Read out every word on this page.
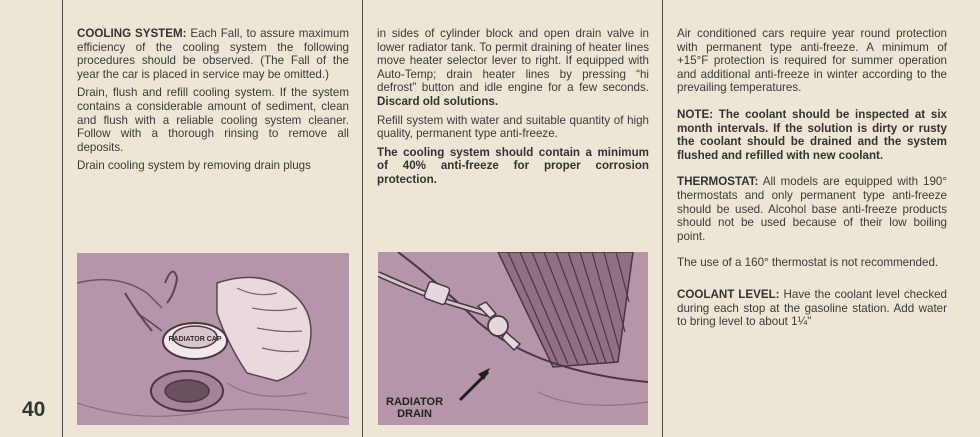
40

COOLING SYSTEM: Each Fall, to assure maximum efficiency of the cooling system the following procedures should be observed. (The Fall of the year the car is placed in service may be omitted.)

Drain, flush and refill cooling system. If the system contains a considerable amount of sediment, clean and flush with a reliable cooling system cleaner. Follow with a thorough rinsing to remove all deposits.

Drain cooling system by removing drain plugs

RADIATOR CAP

in sides of cylinder block and open drain valve in lower radiator tank. To permit draining of heater lines move heater selector lever to right. If equipped with Auto-Temp; drain heater lines by pressing “hi defrost” button and idle engine for a few seconds. Discard old solutions.

Refill system with water and suitable quantity of high quality, permanent type anti-freeze.

The cooling system should contain a minimum of 40% anti-freeze for proper corrosion protection.

RADIATOR
DRAIN

Air conditioned cars require year round protection with permanent type anti-freeze. A minimum of +15°F protection is required for summer operation and additional anti-freeze in winter according to the prevailing temperatures.

NOTE: The coolant should be inspected at six month intervals. If the solution is dirty or rusty the coolant should be drained and the system flushed and refilled with new coolant.

THERMOSTAT: All models are equipped with 190° thermostats and only permanent type anti-freeze should be used. Alcohol base anti-freeze products should not be used because of their low boiling point.

The use of a 160° thermostat is not recommended.

COOLANT LEVEL: Have the coolant level checked during each stop at the gasoline station. Add water to bring level to about 1¼"
